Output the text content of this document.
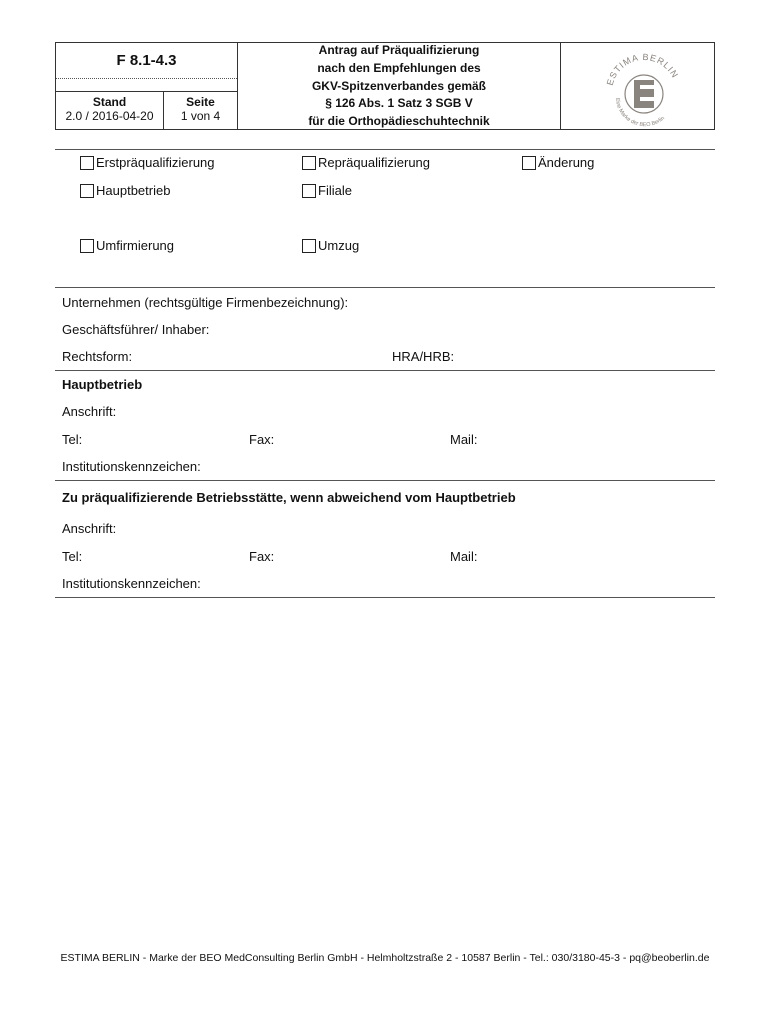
F 8.1-4.3
Stand
2.0 / 2016-04-20
Seite
1 von 4
Antrag auf Präqualifizierung
nach den Empfehlungen des
GKV-Spitzenverbandes gemäß
§ 126 Abs. 1 Satz 3 SGB V
für die Orthopädieschuhtechnik
ESTIMA BERLIN
Eine Marke der BEO Berlin
Erstpräqualifizierung	Repräqualifizierung	Änderung
Hauptbetrieb	Filiale
Umfirmierung	Umzug
Unternehmen (rechtsgültige Firmenbezeichnung):
Geschäftsführer/ Inhaber:
Rechtsform:	HRA/HRB:
Hauptbetrieb
Anschrift:
Tel:	Fax:	Mail:
Institutionskennzeichen:
Zu präqualifizierende Betriebsstätte, wenn abweichend vom Hauptbetrieb
Anschrift:
Tel:	Fax:	Mail:
Institutionskennzeichen:
ESTIMA BERLIN - Marke der BEO MedConsulting Berlin GmbH - Helmholtzstraße 2 - 10587 Berlin - Tel.: 030/3180-45-3 - pq@beoberlin.de
